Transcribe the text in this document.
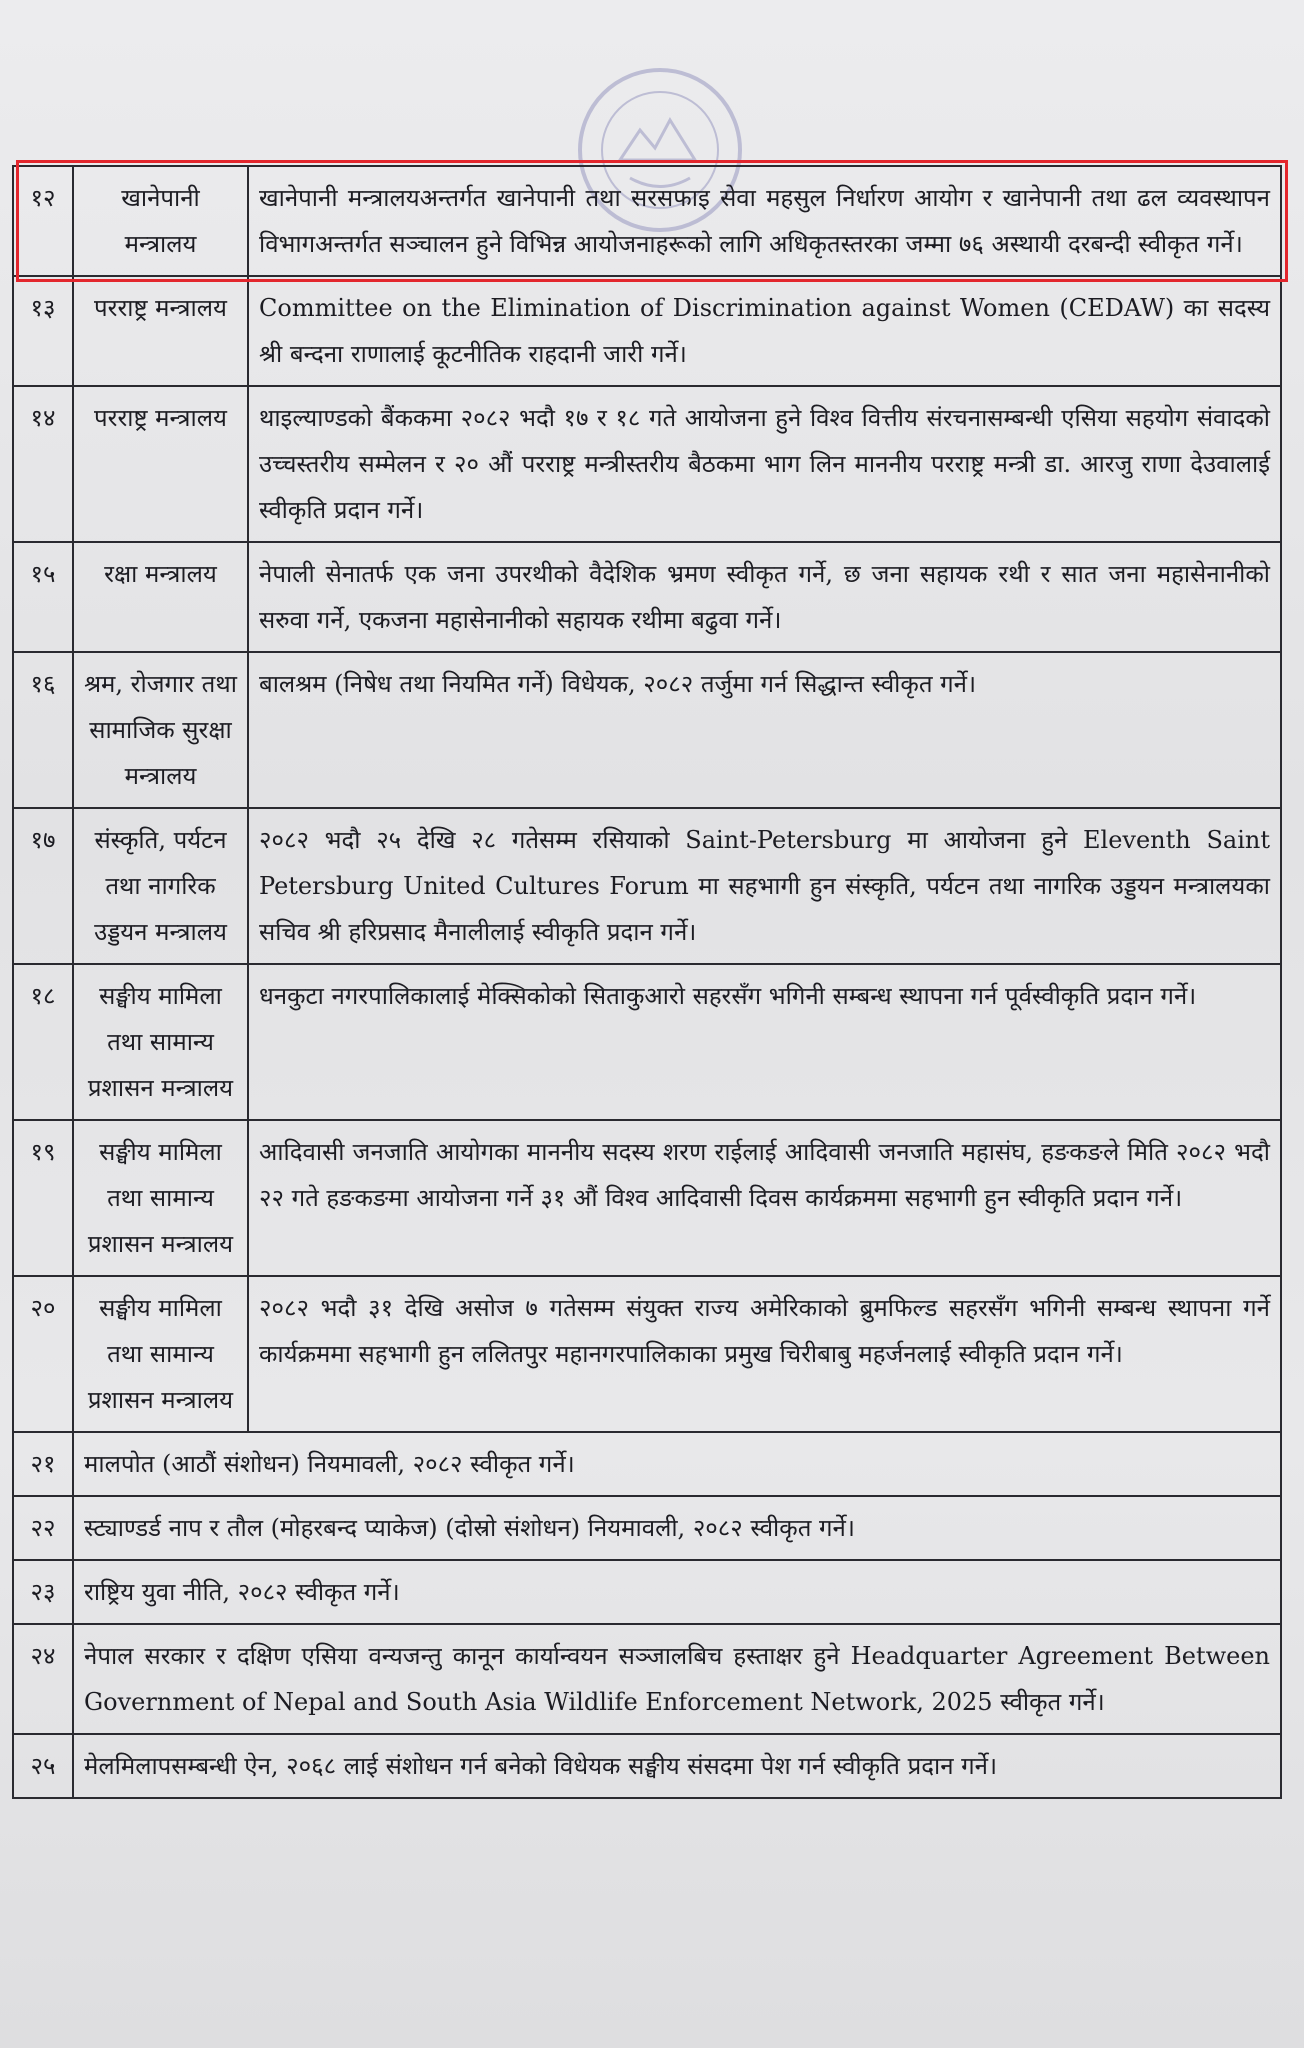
१२	खानेपानी मन्त्रालय	खानेपानी मन्त्रालयअन्तर्गत खानेपानी तथा सरसफाइ सेवा महसुल निर्धारण आयोग र खानेपानी तथा ढल व्यवस्थापन विभागअन्तर्गत सञ्चालन हुने विभिन्न आयोजनाहरूको लागि अधिकृतस्तरका जम्मा ७६ अस्थायी दरबन्दी स्वीकृत गर्ने।
१३	परराष्ट्र मन्त्रालय	Committee on the Elimination of Discrimination against Women (CEDAW) का सदस्य श्री बन्दना राणालाई कूटनीतिक राहदानी जारी गर्ने।
१४	परराष्ट्र मन्त्रालय	थाइल्याण्डको बैंककमा २०८२ भदौ १७ र १८ गते आयोजना हुने विश्व वित्तीय संरचनासम्बन्धी एसिया सहयोग संवादको उच्चस्तरीय सम्मेलन र २० औं परराष्ट्र मन्त्रीस्तरीय बैठकमा भाग लिन माननीय परराष्ट्र मन्त्री डा. आरजु राणा देउवालाई स्वीकृति प्रदान गर्ने।
१५	रक्षा मन्त्रालय	नेपाली सेनातर्फ एक जना उपरथीको वैदेशिक भ्रमण स्वीकृत गर्ने, छ जना सहायक रथी र सात जना महासेनानीको सरुवा गर्ने, एकजना महासेनानीको सहायक रथीमा बढुवा गर्ने।
१६	श्रम, रोजगार तथा सामाजिक सुरक्षा मन्त्रालय	बालश्रम (निषेध तथा नियमित गर्ने) विधेयक, २०८२ तर्जुमा गर्न सिद्धान्त स्वीकृत गर्ने।
१७	संस्कृति, पर्यटन तथा नागरिक उड्डयन मन्त्रालय	२०८२ भदौ २५ देखि २८ गतेसम्म रसियाको Saint-Petersburg मा आयोजना हुने Eleventh Saint Petersburg United Cultures Forum मा सहभागी हुन संस्कृति, पर्यटन तथा नागरिक उड्डयन मन्त्रालयका सचिव श्री हरिप्रसाद मैनालीलाई स्वीकृति प्रदान गर्ने।
१८	सङ्घीय मामिला तथा सामान्य प्रशासन मन्त्रालय	धनकुटा नगरपालिकालाई मेक्सिकोको सिताकुआरो सहरसँग भगिनी सम्बन्ध स्थापना गर्न पूर्वस्वीकृति प्रदान गर्ने।
१९	सङ्घीय मामिला तथा सामान्य प्रशासन मन्त्रालय	आदिवासी जनजाति आयोगका माननीय सदस्य शरण राईलाई आदिवासी जनजाति महासंघ, हङकङले मिति २०८२ भदौ २२ गते हङकङमा आयोजना गर्ने ३१ औं विश्व आदिवासी दिवस कार्यक्रममा सहभागी हुन स्वीकृति प्रदान गर्ने।
२०	सङ्घीय मामिला तथा सामान्य प्रशासन मन्त्रालय	२०८२ भदौ ३१ देखि असोज ७ गतेसम्म संयुक्त राज्य अमेरिकाको ब्रुमफिल्ड सहरसँग भगिनी सम्बन्ध स्थापना गर्ने कार्यक्रममा सहभागी हुन ललितपुर महानगरपालिकाका प्रमुख चिरीबाबु महर्जनलाई स्वीकृति प्रदान गर्ने।
२१	मालपोत (आठौं संशोधन) नियमावली, २०८२ स्वीकृत गर्ने।	
२२	स्ट्याण्डर्ड नाप र तौल (मोहरबन्द प्याकेज) (दोस्रो संशोधन) नियमावली, २०८२ स्वीकृत गर्ने।	
२३	राष्ट्रिय युवा नीति, २०८२ स्वीकृत गर्ने।	
२४	नेपाल सरकार र दक्षिण एसिया वन्यजन्तु कानून कार्यान्वयन सञ्जालबिच हस्ताक्षर हुने Headquarter Agreement Between Government of Nepal and South Asia Wildlife Enforcement Network, 2025 स्वीकृत गर्ने।	
२५	मेलमिलापसम्बन्धी ऐन, २०६८ लाई संशोधन गर्न बनेको विधेयक सङ्घीय संसदमा पेश गर्न स्वीकृति प्रदान गर्ने।	
